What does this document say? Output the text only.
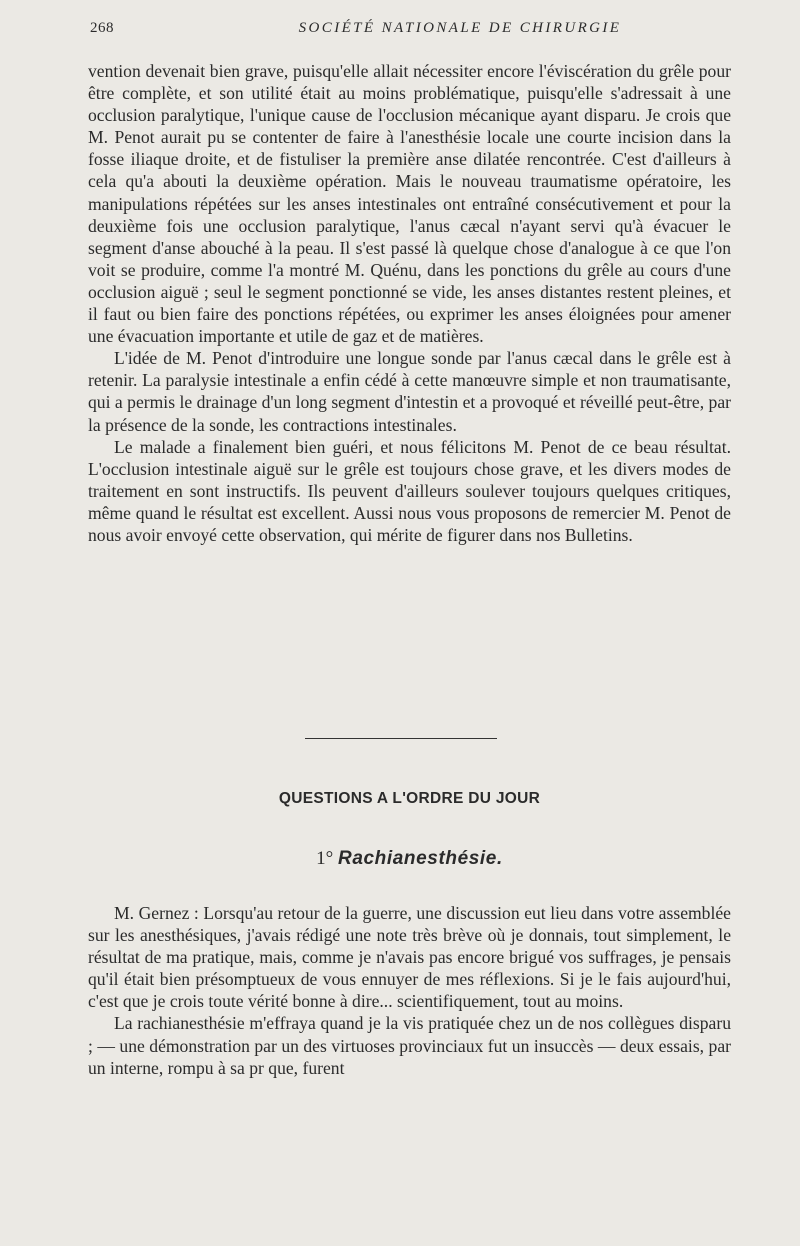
268	SOCIÉTÉ NATIONALE DE CHIRURGIE

vention devenait bien grave, puisqu'elle allait nécessiter encore l'éviscération du grêle pour être complète, et son utilité était au moins problématique, puisqu'elle s'adressait à une occlusion paralytique, l'unique cause de l'occlusion mécanique ayant disparu. Je crois que M. Penot aurait pu se contenter de faire à l'anesthésie locale une courte incision dans la fosse iliaque droite, et de fistuliser la première anse dilatée rencontrée. C'est d'ailleurs à cela qu'a abouti la deuxième opération. Mais le nouveau traumatisme opératoire, les manipulations répétées sur les anses intestinales ont entraîné consécutivement et pour la deuxième fois une occlusion paralytique, l'anus cæcal n'ayant servi qu'à évacuer le segment d'anse abouché à la peau. Il s'est passé là quelque chose d'analogue à ce que l'on voit se produire, comme l'a montré M. Quénu, dans les ponctions du grêle au cours d'une occlusion aiguë ; seul le segment ponctionné se vide, les anses distantes restent pleines, et il faut ou bien faire des ponctions répétées, ou exprimer les anses éloignées pour amener une évacuation importante et utile de gaz et de matières.

L'idée de M. Penot d'introduire une longue sonde par l'anus cæcal dans le grêle est à retenir. La paralysie intestinale a enfin cédé à cette manœuvre simple et non traumatisante, qui a permis le drainage d'un long segment d'intestin et a provoqué et réveillé peut-être, par la présence de la sonde, les contractions intestinales.

Le malade a finalement bien guéri, et nous félicitons M. Penot de ce beau résultat. L'occlusion intestinale aiguë sur le grêle est toujours chose grave, et les divers modes de traitement en sont instructifs. Ils peuvent d'ailleurs soulever toujours quelques critiques, même quand le résultat est excellent. Aussi nous vous proposons de remercier M. Penot de nous avoir envoyé cette observation, qui mérite de figurer dans nos Bulletins.

QUESTIONS A L'ORDRE DU JOUR
1° Rachianesthésie.

M. Gernez : Lorsqu'au retour de la guerre, une discussion eut lieu dans votre assemblée sur les anesthésiques, j'avais rédigé une note très brève où je donnais, tout simplement, le résultat de ma pratique, mais, comme je n'avais pas encore brigué vos suffrages, je pensais qu'il était bien présomptueux de vous ennuyer de mes réflexions. Si je le fais aujourd'hui, c'est que je crois toute vérité bonne à dire... scientifiquement, tout au moins.

La rachianesthésie m'effraya quand je la vis pratiquée chez un de nos collègues disparu ; — une démonstration par un des virtuoses provinciaux fut un insuccès — deux essais, par un interne, rompu à sa pr que, furent
